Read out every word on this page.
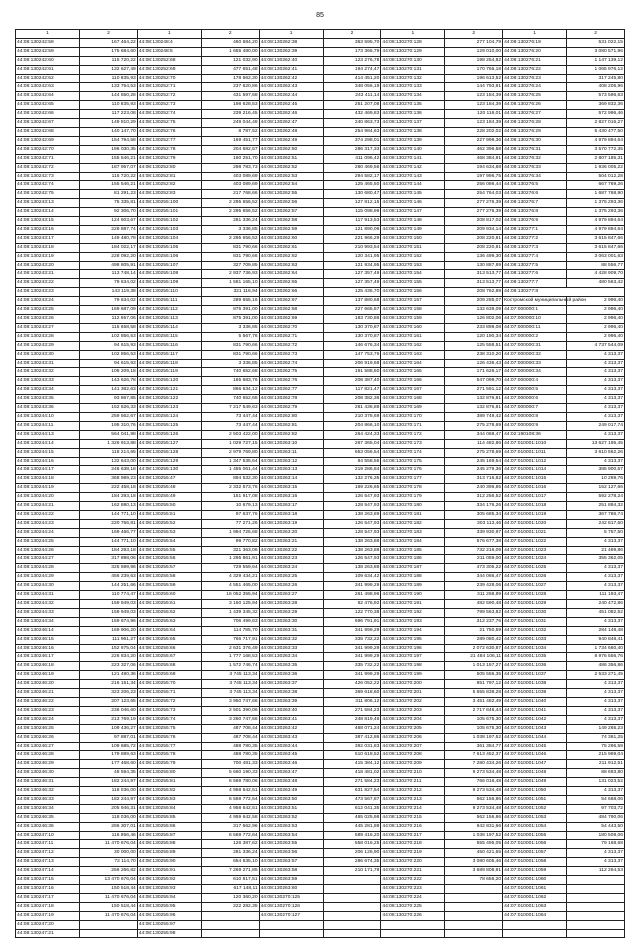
85
1	2	1	2	1	2	1	2	1	2
44:08:130242:58	167 464,22	44:08:130248:4	460 684,20	44:08:130262:38	363 595,70	44:08:130270:128	277 104,79	44:08:130276:19	531 022,15
44:08:130242:59	175 684,60	44:08:130248:5	1 655 480,00	44:08:130262:39	173 366,79	44:08:130270:129	129 010,00	44:08:130276:20	3 080 571,96
44:08:130242:60	115 720,22	44:08:130252:68	121 032,90	44:08:130262:40	123 276,78	44:08:130270:130	198 254,82	44:08:130276:21	1 147 139,12
44:08:130242:61	132 627,49	44:08:130252:69	477 651,48	44:08:130262:41	194 274,47	44:08:130270:131	170 766,18	44:08:130276:22	1 065 976,12
44:08:130242:62	110 835,93	44:08:130252:70	178 662,30	44:08:130262:42	414 451,20	44:08:130270:132	196 613,52	44:08:130276:23	317 245,80
44:08:130242:63	133 754,53	44:08:130252:71	237 620,86	44:08:130262:43	348 056,19	44:08:130270:133	144 793,91	44:08:130276:24	408 205,96
44:08:130242:64	144 650,28	44:08:130252:72	431 597,68	44:08:130262:44	243 411,14	44:08:130270:134	123 184,39	44:08:130276:25	573 596,63
44:08:130242:65	110 835,93	44:08:130252:73	198 628,53	44:08:130262:45	251 207,08	44:08:130270:135	123 184,39	44:08:130276:26	369 832,36
44:08:130242:66	117 223,08	44:08:130252:74	239 216,45	44:08:130262:46	432 469,83	44:08:130270:136	120 116,01	44:08:130276:27	572 996,46
44:08:130242:67	149 810,29	44:08:130252:75	249 044,48	44:08:130262:47	240 863,73	44:08:130270:137	123 184,39	44:08:130276:28	2 827 016,27
44:08:130242:68	140 147,70	44:08:130252:76	8 787,52	44:08:130262:48	254 984,63	44:08:130270:138	228 202,02	44:08:130276:29	5 430 477,50
44:08:130242:69	154 794,58	44:08:130252:77	169 451,77	44:08:130262:49	374 298,01	44:08:130270:139	227 999,36	44:08:130276:30	4 979 894,64
44:08:130242:70	196 030,35	44:08:130252:78	204 682,57	44:08:130262:50	286 317,33	44:08:130270:140	462 396,58	44:08:130276:31	3 570 772,35
44:08:130242:71	155 546,21	44:08:130252:79	160 251,70	44:08:130262:51	411 096,42	44:08:130270:141	468 384,91	44:08:130276:32	2 807 185,31
44:08:130242:72	187 957,07	44:08:130252:80	298 783,73	44:08:130262:52	260 469,56	44:08:130270:142	194 634,88	44:08:130276:33	1 936 005,22
44:08:130242:73	115 720,22	44:08:130252:81	403 089,69	44:08:130262:53	294 582,17	44:08:130270:143	197 996,75	44:08:130276:34	504 012,28
44:08:130242:74	155 546,21	44:08:130252:82	403 089,69	44:08:130262:54	125 465,50	44:08:130270:144	256 086,44	44:08:130276:5	667 769,26
44:08:130242:75	81 291,23	44:08:130252:83	217 768,66	44:08:130262:55	130 680,47	44:08:130270:145	254 764,03	44:08:130276:6	1 687 768,90
44:08:130243:13	75 335,81	44:08:130255:100	2 295 656,52	44:08:130262:56	127 812,15	44:08:130270:146	277 276,39	44:08:130276:7	1 375 293,36
44:08:130243:14	92 306,70	44:08:130255:101	2 295 656,52	44:08:130262:57	115 098,99	44:08:130270:147	277 276,39	44:08:130276:8	1 375 293,36
44:08:130243:15	124 603,67	44:08:130255:102	281 336,24	44:08:130262:58	117 913,53	44:08:130270:148	208 817,02	44:08:130276:9	4 979 894,64
44:08:130243:16	228 887,74	44:08:130255:103	3 336,85	44:08:130262:59	121 890,06	44:08:130270:149	209 934,14	44:08:130277:1	4 979 894,64
44:08:130243:17	149 480,78	44:08:130255:104	2 295 656,52	44:08:130262:60	221 966,29	44:08:130270:150	208 220,81	44:08:130277:2	3 615 847,66
44:08:130243:18	184 022,17	44:08:130255:105	831 790,66	44:08:130262:61	210 993,54	44:08:130270:151	208 220,81	44:08:130277:3	3 615 847,66
44:08:130243:19	228 092,20	44:08:130255:106	831 790,66	44:08:130262:62	120 341,95	44:08:130270:152	136 499,30	44:08:130277:4	3 063 001,63
44:08:130243:20	498 805,91	44:08:130255:107	327 709,85	44:08:130262:63	121 934,95	44:08:130270:153	130 887,89	44:08:130277:5	88 556,77
44:08:130243:21	113 748,14	44:08:130255:108	2 937 736,93	44:08:130262:64	127 357,49	44:08:130270:154	313 513,77	44:08:130277:6	4 428 909,70
44:08:130243:22	79 634,02	44:08:130255:109	1 581 165,10	44:08:130262:65	127 357,49	44:08:130270:155	313 513,77	44:08:130277:7	480 563,42
44:08:130243:23	143 119,38	44:08:130255:110	321 116,94	44:08:130262:66	125 436,70	44:08:130270:156	208 762,89	44:08:130277:8	
44:08:130243:24	79 634,02	44:08:130255:111	289 655,16	44:08:130262:67	137 880,68	44:08:130270:157	209 285,07	Костромской муниципальный район	2 996,40
44:08:130243:25	169 687,09	44:08:130255:112	875 391,00	44:08:130262:68	227 665,57	44:08:130270:158	132 639,09	44:07:000000:1	2 996,40
44:08:130243:26	112 657,06	44:08:130255:113	875 391,00	44:08:130262:69	183 730,86	44:08:130270:159	126 802,06	44:07:000000:10	2 996,40
44:08:130243:27	115 658,58	44:08:130255:114	3 336,85	44:08:130262:70	130 370,87	44:08:130270:160	233 898,08	44:07:000000:11	2 996,40
44:08:130243:28	102 856,53	44:08:130255:115	5 567,76	44:08:130262:71	130 370,87	44:08:130270:161	120 190,34	44:07:000000:2	2 996,40
44:08:130243:29	94 615,93	44:08:130255:116	831 790,66	44:08:130262:72	146 676,34	44:08:130270:162	125 558,51	44:07:000000:31	4 737 544,09
44:08:130243:30	102 856,53	44:08:130255:117	831 790,66	44:08:130262:73	147 753,76	44:08:130270:163	238 310,20	44:07:000000:32	4 313,37
44:08:130243:31	94 615,93	44:08:130255:118	3 336,85	44:08:130262:74	206 919,68	44:08:130270:164	126 436,43	44:07:000000:33	4 313,37
44:08:130243:32	108 209,18	44:08:130255:119	740 652,68	44:08:130262:75	191 588,50	44:08:130270:165	171 626,17	44:07:000000:34	4 313,37
44:08:130243:33	143 626,78	44:08:130255:120	165 683,76	44:08:130262:76	208 387,40	44:08:130270:166	547 099,70	44:07:000000:4	4 313,37
44:08:130243:34	141 362,63	44:08:130255:121	866 634,12	44:08:130262:77	117 821,47	44:08:130270:167	271 591,12	44:07:000000:5	4 313,37
44:08:130243:35	93 867,85	44:08:130255:122	740 652,68	44:08:130262:78	208 382,36	44:08:130270:168	132 876,81	44:07:000000:6	4 313,37
44:08:130243:36	152 626,33	44:08:130255:123	7 217 549,63	44:08:130262:79	261 436,88	44:08:130270:169	132 876,81	44:07:000000:7	4 313,37
44:08:130244:10	259 562,67	44:08:130255:124	73 447,44	44:08:130262:80	210 378,69	44:08:130270:170	389 749,42	44:07:000000:8	4 313,37
44:08:130244:11	195 310,76	44:08:130255:125	73 447,44	44:08:130262:81	204 866,10	44:08:130270:171	275 278,69	44:07:000000:9	249 017,74
44:08:130244:13	564 041,98	44:08:130255:126	2 503 422,00	44:08:130262:82	264 424,33	44:08:130270:172	344 068,47	44:02:190108:36	4 313,37
44:08:130244:14	1 326 913,88	44:08:130255:127	1 029 727,15	44:08:130263:10	267 365,04	44:08:130270:173	114 482,86	44:07:010001:1010	13 627 195,45
44:08:130244:15	118 214,65	44:08:130255:128	2 979 769,80	44:08:130263:11	653 056,54	44:08:130270:174	275 278,69	44:07:010001:1011	3 610 562,26
44:08:130244:16	132 643,00	44:08:130255:129	1 347 535,64	44:08:130263:12	84 558,56	44:08:130270:175	245 169,54	44:07:010001:1012	4 313,37
44:08:130244:17	246 638,18	44:08:130255:130	1 455 061,44	44:08:130263:13	219 286,84	44:08:130270:176	245 279,36	44:07:010001:1014	385 900,57
44:08:130244:18	368 989,23	44:08:130255:47	894 532,30	44:08:130263:14	132 276,35	44:08:130270:177	313 716,82	44:07:010001:1015	10 289,76
44:08:130244:19	222 458,18	44:08:130255:48	2 332 573,76	44:08:130263:15	169 226,65	44:08:130270:178	240 396,85	44:07:010001:1016	152 127,66
44:08:130244:20	184 293,18	44:08:130255:49	151 917,08	44:08:130263:16	126 547,93	44:08:130270:179	312 256,52	44:07:010001:1017	592 278,24
44:08:130244:21	162 880,13	44:08:130255:50	10 679,13	44:08:130263:17	128 547,93	44:08:130270:180	334 176,26	44:07:010001:1018	251 894,32
44:08:130244:22	144 771,10	44:08:130255:51	97 637,76	44:08:130263:18	138 263,89	44:08:130270:181	305 685,34	44:07:010001:1019	367 786,74
44:08:130244:23	220 756,81	44:08:130255:52	77 271,26	44:08:130263:19	126 547,93	44:08:130270:182	303 113,46	44:07:010001:1020	242 817,60
44:08:130244:24	169 466,77	44:08:130255:53	1 994 725,68	44:08:130263:20	128 547,93	44:08:130270:183	339 930,97	44:07:010001:1021	5 757,50
44:08:130244:25	144 771,10	44:08:130255:54	99 770,82	44:08:130263:21	138 263,88	44:08:130270:184	576 677,38	44:07:010001:1022	4 313,37
44:08:130244:26	184 293,18	44:08:130255:55	321 363,06	44:08:130263:22	138 263,88	44:08:130270:185	732 216,09	44:07:010001:1023	21 489,86
44:08:130244:27	317 898,06	44:08:130255:56	1 295 861,91	44:08:130263:23	126 547,93	44:08:130270:186	211 059,00	44:07:010001:1024	355 362,05
44:08:130244:28	325 599,96	44:08:130255:57	729 559,64	44:08:130263:24	138 263,88	44:08:130270:187	473 305,22	44:07:010001:1025	4 313,37
44:08:130244:29	456 239,63	44:08:130255:58	4 329 434,21	44:08:130263:25	109 634,42	44:08:130270:188	344 066,47	44:07:010001:1026	4 313,37
44:08:130244:30	144 251,66	44:08:130255:59	4 551 465,00	44:08:130263:26	341 999,29	44:08:130270:189	239 428,06	44:07:010001:1027	4 313,37
44:08:130244:31	110 774,47	44:08:130255:60	16 052 355,94	44:08:130263:27	261 498,96	44:08:130270:190	311 268,89	44:07:010001:1028	111 193,47
44:08:130244:32	159 949,03	44:08:130255:61	3 150 125,94	44:08:130263:28	62 476,92	44:08:130270:191	482 590,48	44:07:010001:1029	240 472,86
44:08:130244:33	159 949,03	44:08:130255:62	1 439 345,32	44:08:130263:29	122 770,38	44:08:130270:192	799 563,82	44:07:010001:1030	451 082,52
44:08:130244:34	159 674,96	44:08:130255:63	706 499,63	44:08:130263:30	696 791,91	44:08:130270:193	312 237,76	44:07:010001:1031	4 313,37
44:08:130246:14	169 906,20	44:08:130255:64	114 785,70	44:08:130263:31	341 999,29	44:08:130270:194	21 750,59	44:07:010001:1032	284 148,48
44:08:130246:15	111 961,27	44:08:130255:65	766 717,91	44:08:130263:32	335 732,22	44:08:130270:195	289 080,42	44:07:010001:1033	940 848,41
44:08:130246:16	152 675,04	44:08:130255:66	2 631 376,49	44:08:130263:33	341 999,29	44:08:130270:196	2 072 630,87	44:07:010001:1034	1 734 660,40
44:08:130246:17	226 834,20	44:08:130255:67	1 777 168,53	44:08:130263:34	341 999,29	44:08:130270:197	21 484 106,11	44:07:010001:1035	8 976 556,76
44:08:130246:18	223 327,06	44:08:130255:68	1 572 746,74	44:08:130263:35	335 732,22	44:08:130270:198	1 013 157,27	44:07:010001:1036	486 356,86
44:08:130246:19	121 490,36	44:08:130255:69	3 745 113,34	44:08:130263:36	341 999,29	44:08:130270:199	505 556,35	44:07:010001:1037	2 533 271,45
44:08:130246:20	216 151,34	44:08:130255:70	3 745 113,34	44:08:130263:37	426 052,22	44:08:130270:200	851 797,12	44:07:010001:1038	4 313,37
44:08:130246:21	323 206,23	44:08:130255:71	3 745 113,34	44:08:130263:38	369 618,60	44:08:130270:201	5 655 838,28	44:07:010001:1039	4 313,37
44:08:130246:22	207 123,65	44:08:130255:72	3 950 747,66	44:08:130263:39	311 806,12	44:08:130270:202	3 451 482,49	44:07:010001:1040	4 313,37
44:08:130246:23	236 046,60	44:08:130255:73	2 501 390,06	44:08:130263:40	271 584,23	44:08:130270:203	2 717 846,44	44:07:010001:1041	4 313,37
44:08:130246:24	213 769,19	44:08:130255:74	3 260 747,66	44:08:130263:41	248 819,46	44:08:130270:204	105 675,30	44:07:010001:1042	4 313,37
44:08:130246:25	109 436,27	44:08:130255:75	487 708,44	44:08:130263:42	468 071,24	44:08:130270:205	105 675,30	44:07:010001:1043	149 265,23
44:08:130246:26	97 887,01	44:08:130255:76	487 708,44	44:08:130263:43	387 412,86	44:08:130270:206	1 038 197,52	44:07:010001:1044	74 361,25
44:08:130246:27	109 685,72	44:08:130255:77	488 780,35	44:08:130263:44	392 031,83	44:08:130270:207	361 384,77	44:07:010001:1045	75 296,59
44:08:130246:28	179 889,63	44:08:130255:78	488 780,35	44:08:130263:45	510 618,52	44:08:130270:208	7 613 452,37	44:07:010001:1046	215 969,04
44:08:130246:29	177 468,60	44:08:130255:79	700 481,33	44:08:130263:46	415 384,12	44:08:130270:209	7 280 434,26	44:07:010001:1047	211 912,51
44:08:130246:30	48 594,35	44:08:130255:80	5 660 190,33	44:08:130263:47	418 481,02	44:08:130270:210	9 273 534,48	44:07:010001:1048	88 693,80
44:08:130246:31	182 244,97	44:08:130255:81	6 569 780,06	44:08:130263:48	271 584,23	44:08:130270:211	766 016,48	44:07:010001:1049	131 023,52
44:08:130246:32	118 036,00	44:08:130255:82	4 958 642,51	44:08:130263:49	631 827,54	44:08:130270:212	9 273 534,48	44:07:010001:1050	4 313,37
44:08:130246:33	182 244,97	44:08:130255:83	6 569 772,64	44:08:130263:50	473 567,87	44:08:130270:213	562 156,86	44:07:010001:1051	54 668,06
44:08:130246:34	205 946,31	44:08:130255:84	4 958 642,51	44:08:130263:51	612 041,35	44:08:130270:214	9 273 534,48	44:07:010001:1052	97 703,72
44:08:130246:35	118 036,00	44:08:130255:85	4 959 642,58	44:08:130263:52	465 025,98	44:08:130270:215	562 156,86	44:07:010001:1053	484 790,06
44:08:130246:36	286 307,01	44:08:130255:86	317 562,96	44:08:130263:53	445 281,88	44:08:130270:216	942 831,66	44:07:010001:1054	54 443,50
44:08:130247:10	116 856,46	44:08:130255:87	6 569 772,64	44:08:130263:54	589 416,20	44:08:130270:217	1 038 197,52	44:07:010001:1055	180 508,06
44:08:130247:11	11 470 676,04	44:08:130255:88	126 387,62	44:08:130263:55	558 016,25	44:08:130270:218	555 495,05	44:07:010001:1056	79 168,68
44:08:130247:12	30 000,00	44:08:130255:89	281 336,24	44:08:130263:56	206 126,90	44:08:130270:219	450 421,65	44:07:010001:1057	4 313,37
44:08:130247:13	72 114,70	44:08:130255:90	654 635,10	44:08:130263:57	286 674,35	44:08:130270:220	3 080 605,46	44:07:010001:1058	4 313,37
44:08:130247:14	266 266,82	44:08:130255:91	7 269 271,85	44:08:130263:58	210 171,78	44:08:130270:221	3 689 808,91	44:07:010001:1059	112 264,53
44:08:130247:15	13 470 676,04	44:08:130255:92	610 817,51	44:08:130263:59		44:08:130270:222	78 656,20	44:07:010001:1060	
44:08:130247:16	150 518,44	44:08:130255:93	617 148,11	44:08:130263:60		44:08:130270:223		44:07:010001:1061	
44:08:130247:17	11 470 676,04	44:08:130255:94	120 360,20	44:08:130270:125		44:08:130270:224		44:07:010001:1062	
44:08:130247:18	150 518,44	44:08:130255:95	222 282,35	44:08:130270:126		44:08:130270:225		44:07:010001:1063	
44:08:130247:19	11 470 676,04	44:08:130255:96		44:08:130270:127		44:08:130270:226		44:07:010001:1064	
44:08:130247:20		44:08:130255:97							
44:08:130247:21		44:08:130255:98							
